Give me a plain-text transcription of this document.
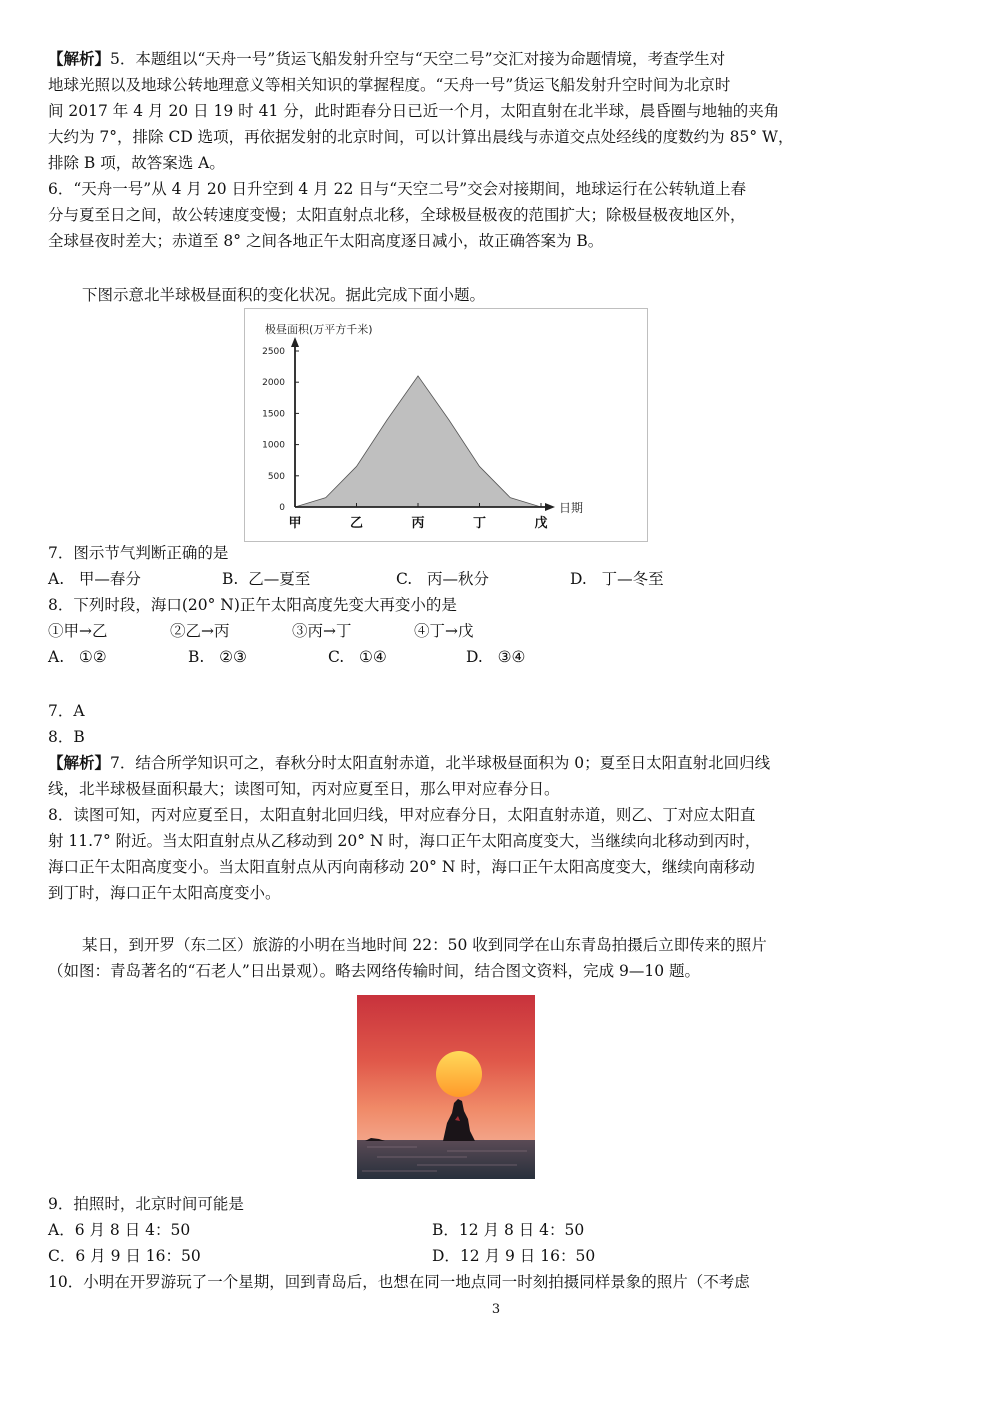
【解析】5．本题组以“天舟一号”货运飞船发射升空与“天空二号”交汇对接为命题情境，考查学生对
地球光照以及地球公转地理意义等相关知识的掌握程度。“天舟一号”货运飞船发射升空时间为北京时
间 2017 年 4 月 20 日 19 时 41 分，此时距春分日已近一个月，太阳直射在北半球，晨昏圈与地轴的夹角
大约为 7°，排除 CD 选项，再依据发射的北京时间，可以计算出晨线与赤道交点处经线的度数约为 85° W，
排除 B 项，故答案选 A。
6．“天舟一号”从 4 月 20 日升空到 4 月 22 日与“天空二号”交会对接期间，地球运行在公转轨道上春
分与夏至日之间，故公转速度变慢；太阳直射点北移，全球极昼极夜的范围扩大；除极昼极夜地区外，
全球昼夜时差大；赤道至 8° 之间各地正午太阳高度逐日减小，故正确答案为 B。
下图示意北半球极昼面积的变化状况。据此完成下面小题。
极昼面积(万平方千米)
0
500
1000
1500
2000
2500
甲	乙	丙	丁	戊
日期
7．图示节气判断正确的是
A. 甲—春分	B. 乙—夏至	C. 丙—秋分	D. 丁—冬至
8．下列时段，海口(20° N)正午太阳高度先变大再变小的是
①甲→乙	②乙→丙	③丙→丁	④丁→戊
A. ①②	B. ②③	C. ①④	D. ③④
7．A
8．B
【解析】7．结合所学知识可之，春秋分时太阳直射赤道，北半球极昼面积为 0；夏至日太阳直射北回归线
线，北半球极昼面积最大；读图可知，丙对应夏至日，那么甲对应春分日。
8．读图可知，丙对应夏至日，太阳直射北回归线，甲对应春分日，太阳直射赤道，则乙、丁对应太阳直
射 11.7° 附近。当太阳直射点从乙移动到 20° N 时，海口正午太阳高度变大，当继续向北移动到丙时，
海口正午太阳高度变小。当太阳直射点从丙向南移动 20° N 时，海口正午太阳高度变大，继续向南移动
到丁时，海口正午太阳高度变小。
某日，到开罗（东二区）旅游的小明在当地时间 22：50 收到同学在山东青岛拍摄后立即传来的照片
（如图：青岛著名的“石老人”日出景观）。略去网络传输时间，结合图文资料，完成 9—10 题。
9．拍照时，北京时间可能是
A．6 月 8 日 4：50	B．12 月 8 日 4：50
C．6 月 9 日 16：50	D．12 月 9 日 16：50
10．小明在开罗游玩了一个星期，回到青岛后，也想在同一地点同一时刻拍摄同样景象的照片（不考虑
3
